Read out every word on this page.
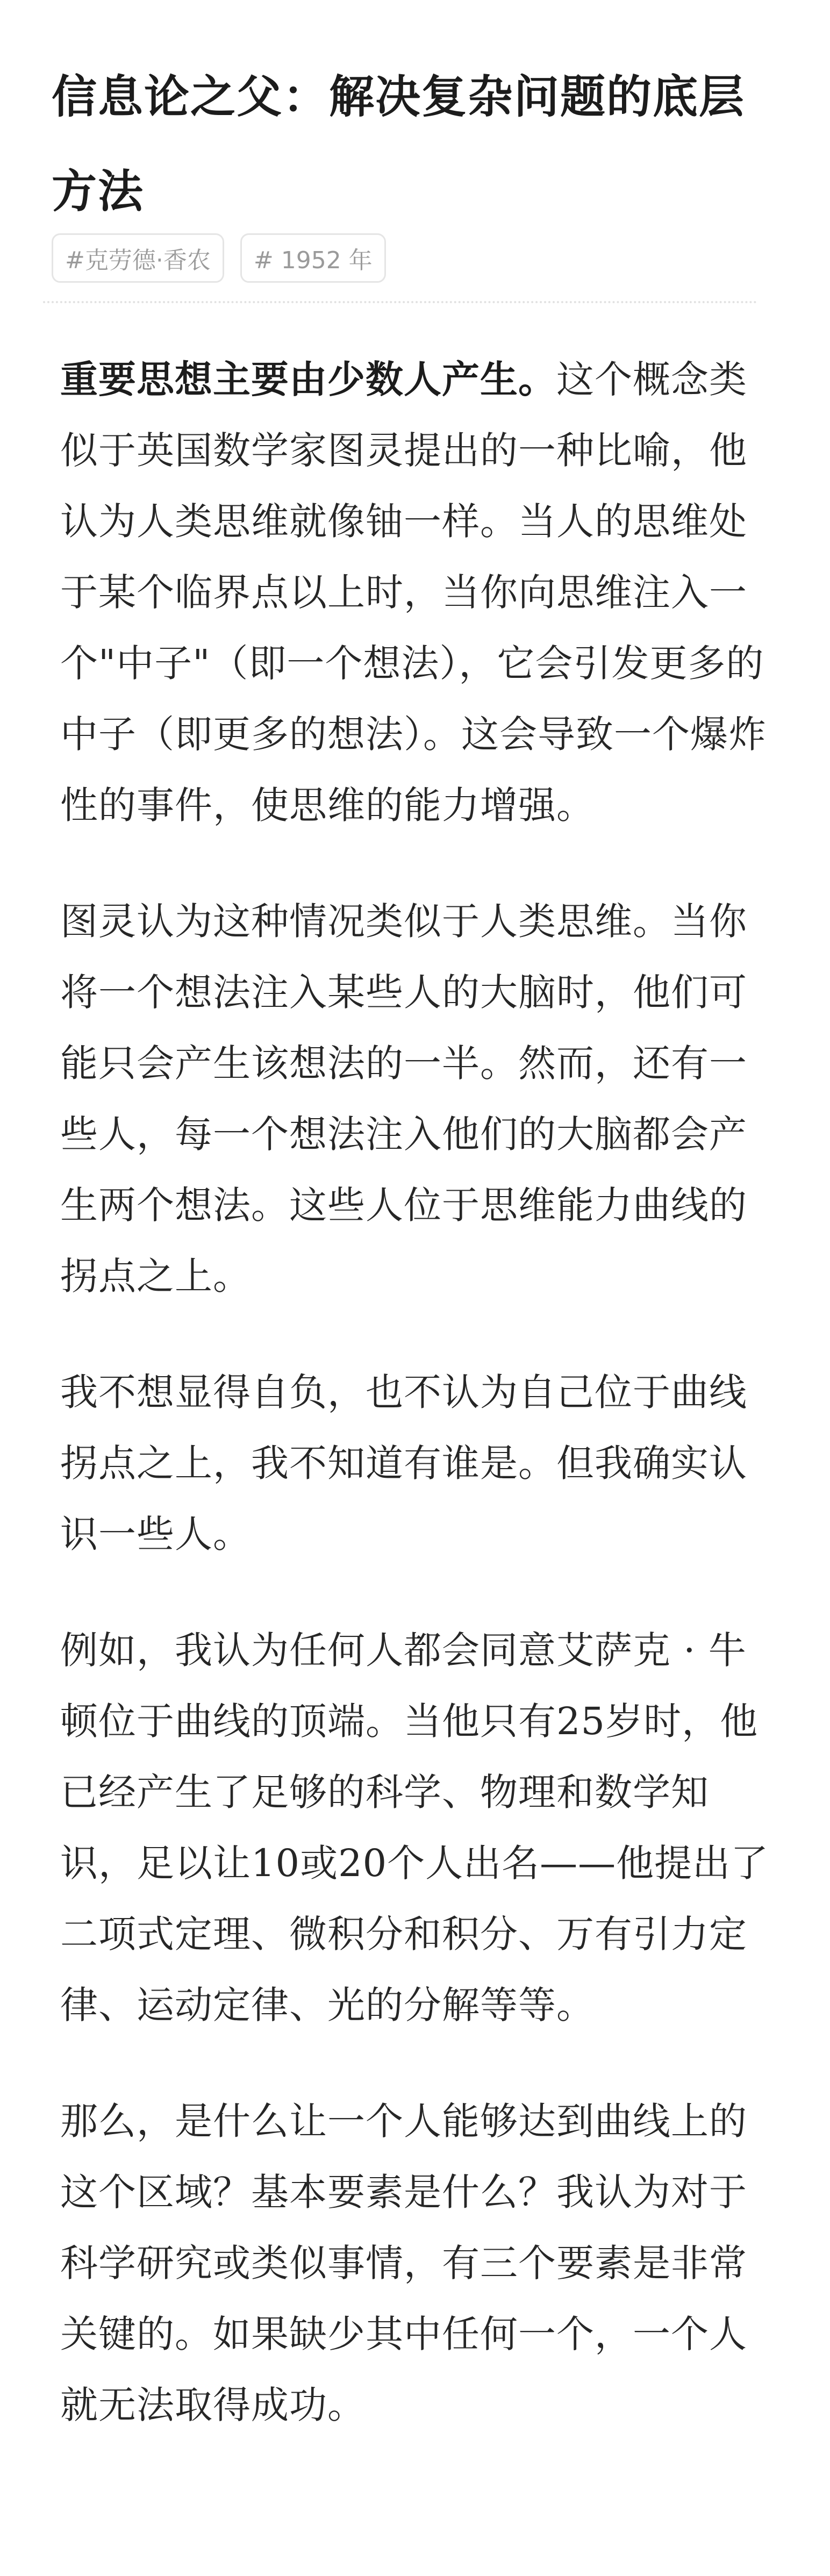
信息论之父：解决复杂问题的底层方法
#克劳德·香农	# 1952 年

重要思想主要由少数人产生。这个概念类似于英国数学家图灵提出的一种比喻，他认为人类思维就像铀一样。当人的思维处于某个临界点以上时，当你向思维注入一个"中子"（即一个想法），它会引发更多的中子（即更多的想法）。这会导致一个爆炸性的事件，使思维的能力增强。

图灵认为这种情况类似于人类思维。当你将一个想法注入某些人的大脑时，他们可能只会产生该想法的一半。然而，还有一些人，每一个想法注入他们的大脑都会产生两个想法。这些人位于思维能力曲线的拐点之上。

我不想显得自负，也不认为自己位于曲线拐点之上，我不知道有谁是。但我确实认识一些人。

例如，我认为任何人都会同意艾萨克 · 牛顿位于曲线的顶端。当他只有25岁时，他已经产生了足够的科学、物理和数学知识，足以让10或20个人出名——他提出了二项式定理、微积分和积分、万有引力定律、运动定律、光的分解等等。

那么，是什么让一个人能够达到曲线上的这个区域？基本要素是什么？我认为对于科学研究或类似事情，有三个要素是非常关键的。如果缺少其中任何一个，一个人就无法取得成功。
